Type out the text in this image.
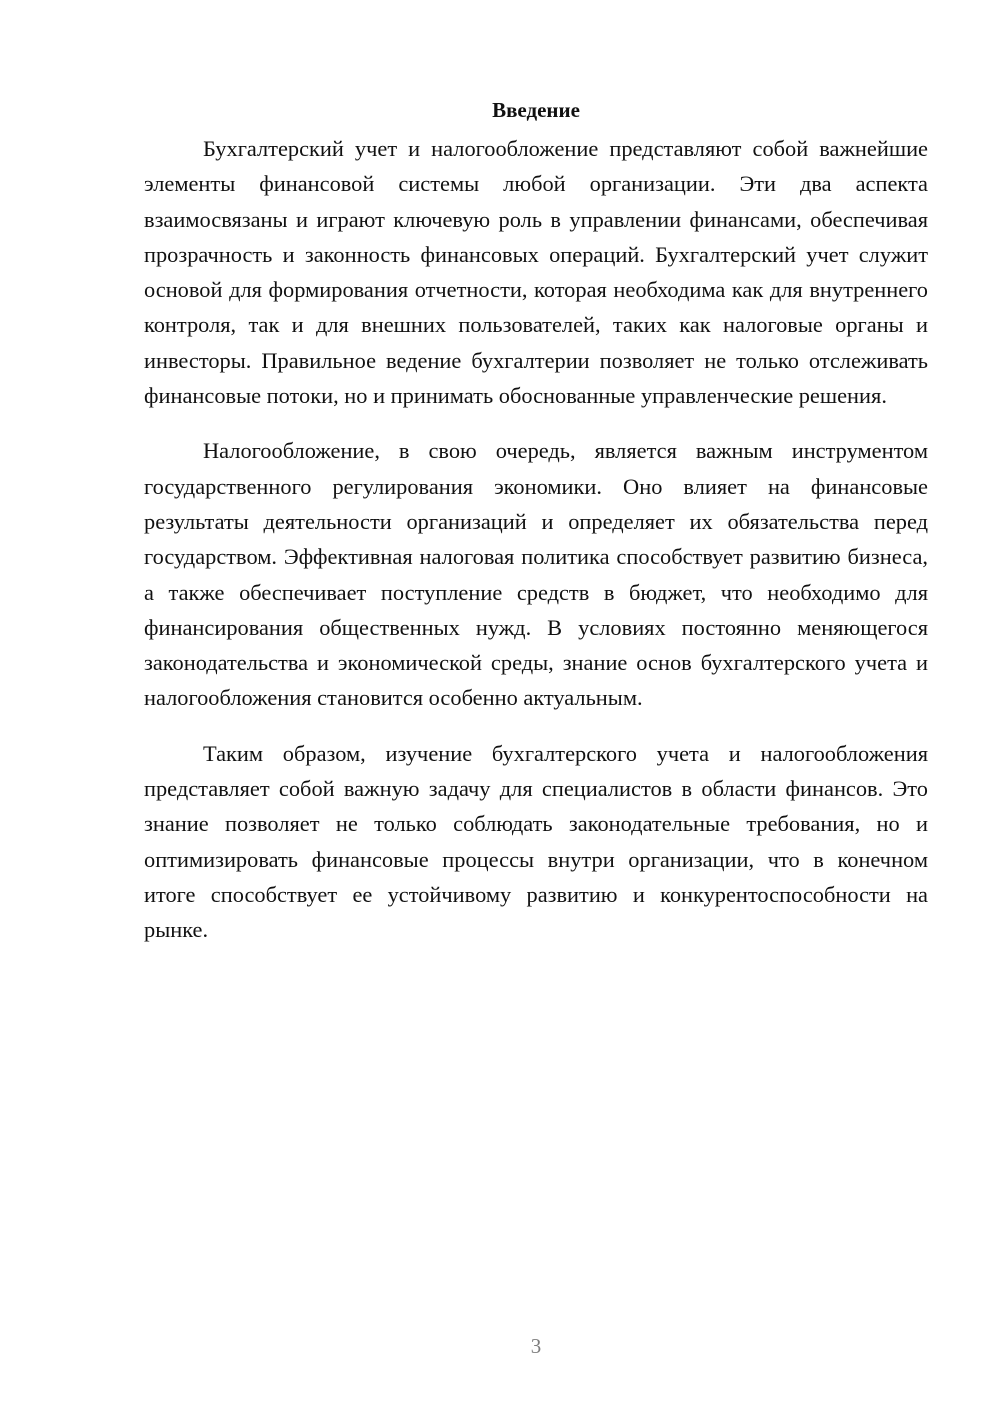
Введение

Бухгалтерский учет и налогообложение представляют собой важнейшие элементы финансовой системы любой организации. Эти два аспекта взаимосвязаны и играют ключевую роль в управлении финансами, обеспечивая прозрачность и законность финансовых операций. Бухгалтерский учет служит основой для формирования отчетности, которая необходима как для внутреннего контроля, так и для внешних пользователей, таких как налоговые органы и инвесторы. Правильное ведение бухгалтерии позволяет не только отслеживать финансовые потоки, но и принимать обоснованные управленческие решения.

Налогообложение, в свою очередь, является важным инструментом государственного регулирования экономики. Оно влияет на финансовые результаты деятельности организаций и определяет их обязательства перед государством. Эффективная налоговая политика способствует развитию бизнеса, а также обеспечивает поступление средств в бюджет, что необходимо для финансирования общественных нужд. В условиях постоянно меняющегося законодательства и экономической среды, знание основ бухгалтерского учета и налогообложения становится особенно актуальным.

Таким образом, изучение бухгалтерского учета и налогообложения представляет собой важную задачу для специалистов в области финансов. Это знание позволяет не только соблюдать законодательные требования, но и оптимизировать финансовые процессы внутри организации, что в конечном итоге способствует ее устойчивому развитию и конкурентоспособности на рынке.

3
